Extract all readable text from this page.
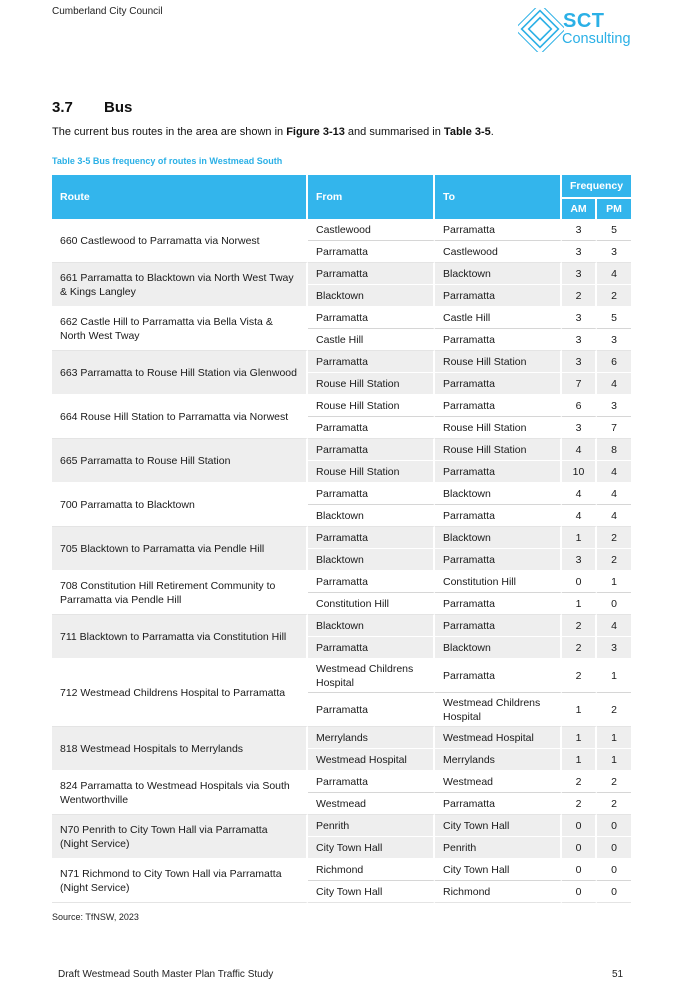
Cumberland City Council	SCT
Consulting
3.7 Bus
The current bus routes in the area are shown in Figure 3-13 and summarised in Table 3-5.
Table 3-5 Bus frequency of routes in Westmead South
Route	From	To	Frequency	
			AM	PM
660 Castlewood to Parramatta via Norwest	Castlewood	Parramatta	3	5
	Parramatta	Castlewood	3	3
661 Parramatta to Blacktown via North West Tway & Kings Langley	Parramatta	Blacktown	3	4
	Blacktown	Parramatta	2	2
662 Castle Hill to Parramatta via Bella Vista & North West Tway	Parramatta	Castle Hill	3	5
	Castle Hill	Parramatta	3	3
663 Parramatta to Rouse Hill Station via Glenwood	Parramatta	Rouse Hill Station	3	6
	Rouse Hill Station	Parramatta	7	4
664 Rouse Hill Station to Parramatta via Norwest	Rouse Hill Station	Parramatta	6	3
	Parramatta	Rouse Hill Station	3	7
665 Parramatta to Rouse Hill Station	Parramatta	Rouse Hill Station	4	8
	Rouse Hill Station	Parramatta	10	4
700 Parramatta to Blacktown	Parramatta	Blacktown	4	4
	Blacktown	Parramatta	4	4
705 Blacktown to Parramatta via Pendle Hill	Parramatta	Blacktown	1	2
	Blacktown	Parramatta	3	2
708 Constitution Hill Retirement Community to Parramatta via Pendle Hill	Parramatta	Constitution Hill	0	1
	Constitution Hill	Parramatta	1	0
711 Blacktown to Parramatta via Constitution Hill	Blacktown	Parramatta	2	4
	Parramatta	Blacktown	2	3
712 Westmead Childrens Hospital to Parramatta	Westmead Childrens Hospital	Parramatta	2	1
	Parramatta	Westmead Childrens Hospital	1	2
818 Westmead Hospitals to Merrylands	Merrylands	Westmead Hospital	1	1
	Westmead Hospital	Merrylands	1	1
824 Parramatta to Westmead Hospitals via South Wentworthville	Parramatta	Westmead	2	2
	Westmead	Parramatta	2	2
N70 Penrith to City Town Hall via Parramatta (Night Service)	Penrith	City Town Hall	0	0
	City Town Hall	Penrith	0	0
N71 Richmond to City Town Hall via Parramatta (Night Service)	Richmond	City Town Hall	0	0
	City Town Hall	Richmond	0	0
Source: TfNSW, 2023
Draft Westmead South Master Plan Traffic Study	51
